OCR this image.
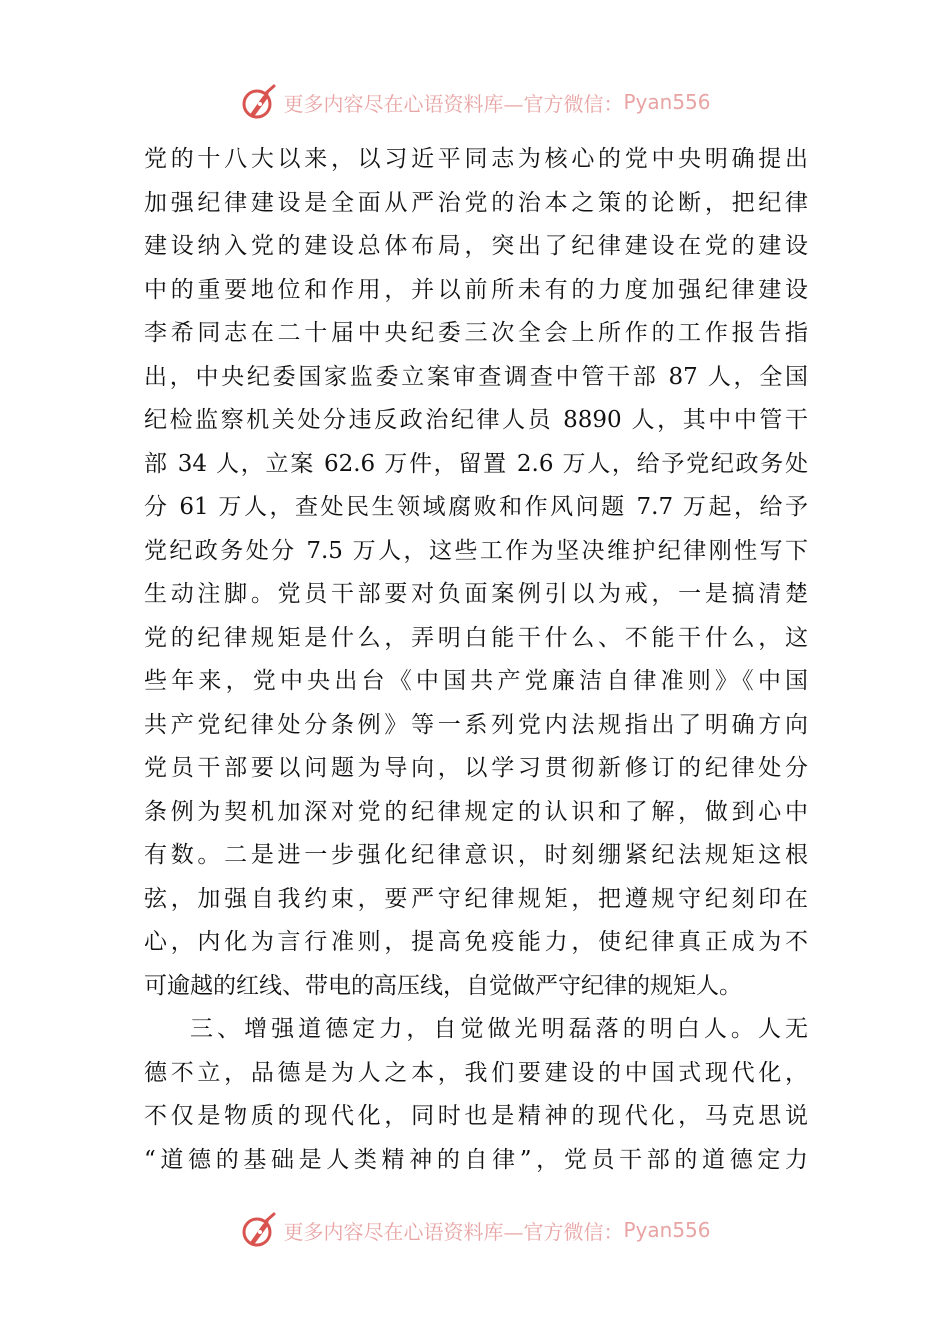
更多内容尽在心语资料库—官方微信： Pyan556
党的十八大以来，以习近平同志为核心的党中央明确提出
加强纪律建设是全面从严治党的治本之策的论断，把纪律
建设纳入党的建设总体布局，突出了纪律建设在党的建设
中的重要地位和作用，并以前所未有的力度加强纪律建设
李希同志在二十届中央纪委三次全会上所作的工作报告指
出，中央纪委国家监委立案审查调查中管干部 87 人，全国
纪检监察机关处分违反政治纪律人员 8890 人，其中中管干
部 34 人，立案 62.6 万件，留置 2.6 万人，给予党纪政务处
分 61 万人，查处民生领域腐败和作风问题 7.7 万起，给予
党纪政务处分 7.5 万人，这些工作为坚决维护纪律刚性写下
生动注脚。党员干部要对负面案例引以为戒，一是搞清楚
党的纪律规矩是什么，弄明白能干什么、不能干什么，这
些年来，党中央出台《中国共产党廉洁自律准则》《中国
共产党纪律处分条例》等一系列党内法规指出了明确方向
党员干部要以问题为导向，以学习贯彻新修订的纪律处分
条例为契机加深对党的纪律规定的认识和了解，做到心中
有数。二是进一步强化纪律意识，时刻绷紧纪法规矩这根
弦，加强自我约束，要严守纪律规矩，把遵规守纪刻印在
心，内化为言行准则，提高免疫能力，使纪律真正成为不
可逾越的红线、带电的高压线，自觉做严守纪律的规矩人。
三、增强道德定力，自觉做光明磊落的明白人。人无
德不立，品德是为人之本，我们要建设的中国式现代化，
不仅是物质的现代化，同时也是精神的现代化，马克思说
“道德的基础是人类精神的自律”，党员干部的道德定力
更多内容尽在心语资料库—官方微信： Pyan556
